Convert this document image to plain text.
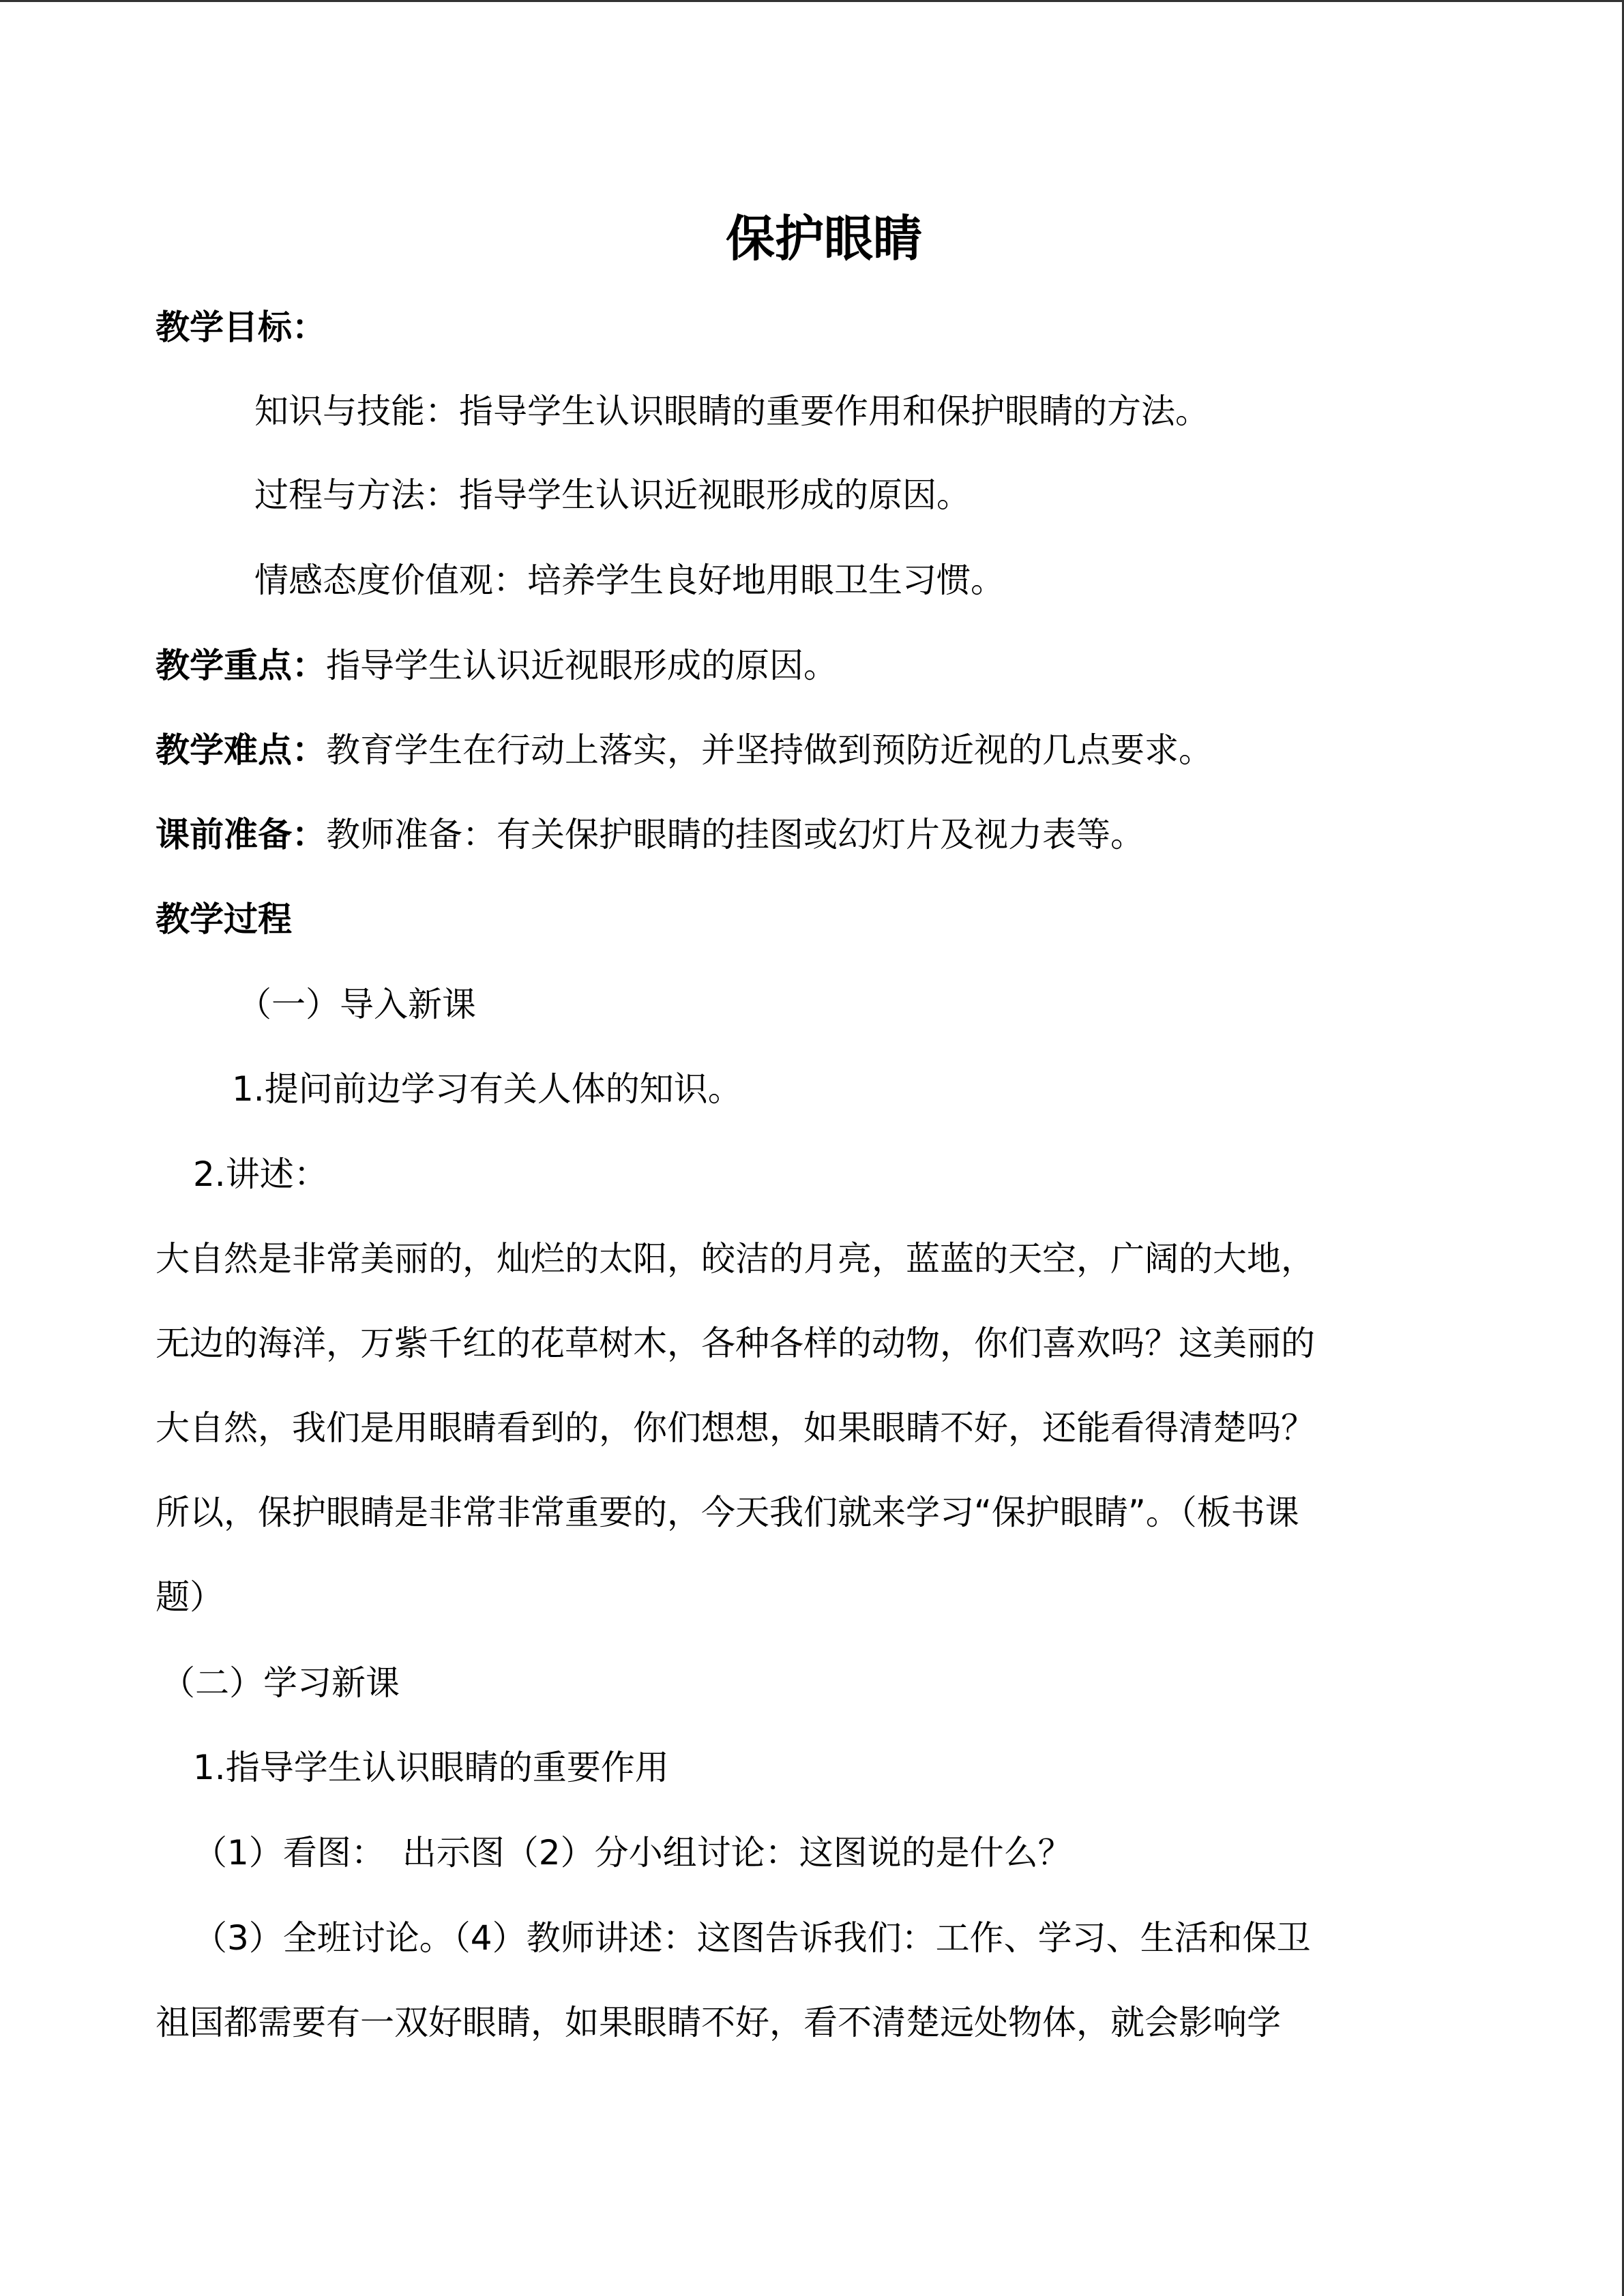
保护眼睛
教学目标：
知识与技能：指导学生认识眼睛的重要作用和保护眼睛的方法。
过程与方法：指导学生认识近视眼形成的原因。
情感态度价值观：培养学生良好地用眼卫生习惯。
教学重点：指导学生认识近视眼形成的原因。
教学难点：教育学生在行动上落实，并坚持做到预防近视的几点要求。
课前准备：教师准备：有关保护眼睛的挂图或幻灯片及视力表等。
教学过程
（一）导入新课
1.提问前边学习有关人体的知识。
2.讲述：
大自然是非常美丽的，灿烂的太阳，皎洁的月亮，蓝蓝的天空，广阔的大地，
无边的海洋，万紫千红的花草树木，各种各样的动物，你们喜欢吗？这美丽的
大自然，我们是用眼睛看到的，你们想想，如果眼睛不好，还能看得清楚吗？
所以，保护眼睛是非常非常重要的，今天我们就来学习“保护眼睛”。（板书课
题）
（二）学习新课
1.指导学生认识眼睛的重要作用
（1）看图：　出示图（2）分小组讨论：这图说的是什么？
（3）全班讨论。（4）教师讲述：这图告诉我们：工作、学习、生活和保卫
祖国都需要有一双好眼睛，如果眼睛不好，看不清楚远处物体，就会影响学
